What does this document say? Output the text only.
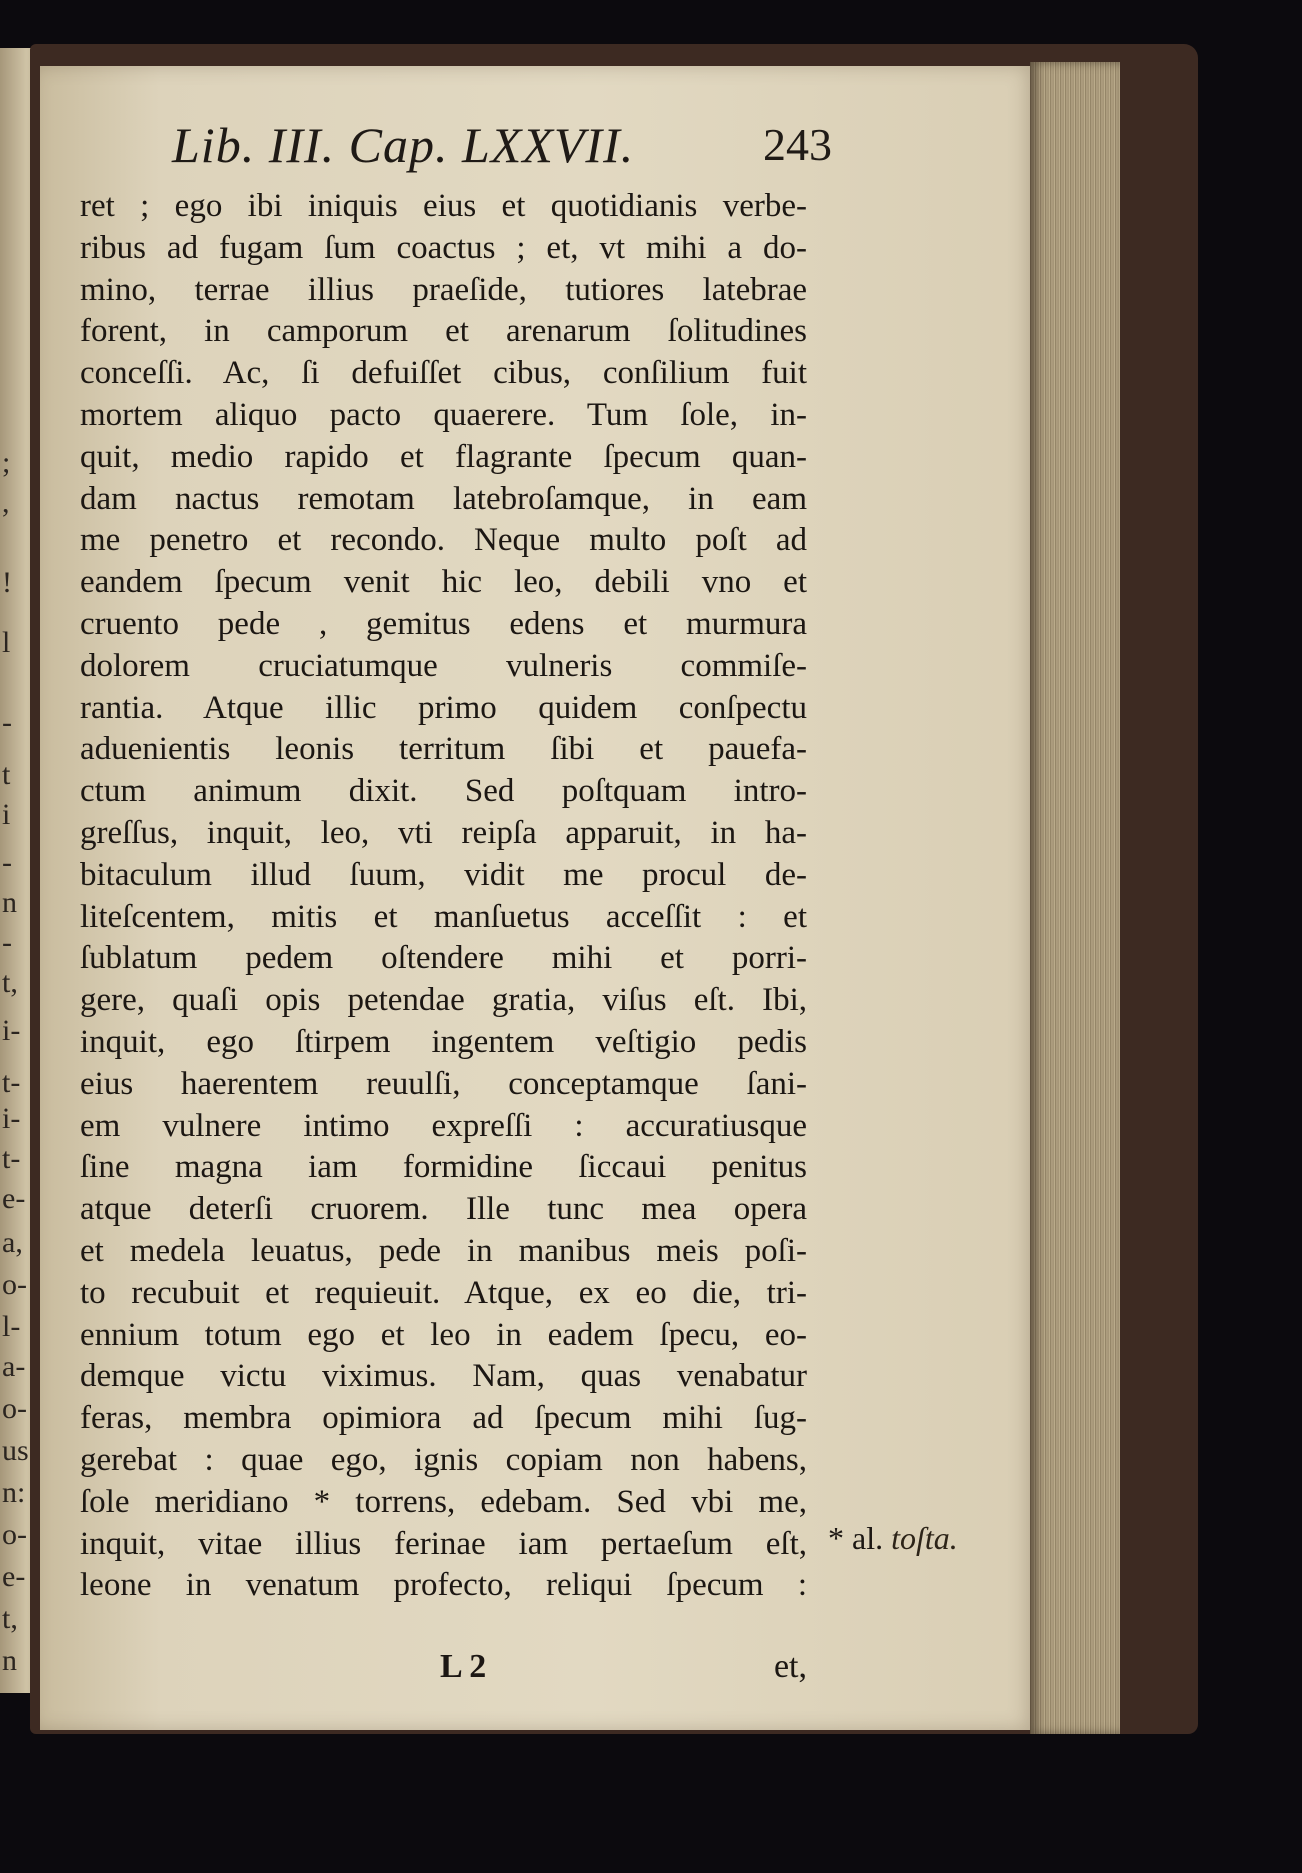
;
,
!
l
-
t
i
-
n
-
t,
i-
t-
i-
t-
e-
a,
o-
l-
a-
o-
us
n:
o-
e-
t,
n
Lib. III. Cap. LXXVII.	243
ret ; ego ibi iniquis eius et quotidianis verbe-
ribus ad fugam ſum coactus ; et, vt mihi a do-
mino, terrae illius praeſide, tutiores latebrae
forent, in camporum et arenarum ſolitudines
conceſſi. Ac, ſi defuiſſet cibus, conſilium fuit
mortem aliquo pacto quaerere. Tum ſole, in-
quit, medio rapido et flagrante ſpecum quan-
dam nactus remotam latebroſamque, in eam
me penetro et recondo. Neque multo poſt ad
eandem ſpecum venit hic leo, debili vno et
cruento pede , gemitus edens et murmura
dolorem cruciatumque vulneris commiſe-
rantia. Atque illic primo quidem conſpectu
aduenientis leonis territum ſibi et pauefa-
ctum animum dixit. Sed poſtquam intro-
greſſus, inquit, leo, vti reipſa apparuit, in ha-
bitaculum illud ſuum, vidit me procul de-
liteſcentem, mitis et manſuetus acceſſit : et
ſublatum pedem oſtendere mihi et porri-
gere, quaſi opis petendae gratia, viſus eſt. Ibi,
inquit, ego ſtirpem ingentem veſtigio pedis
eius haerentem reuulſi, conceptamque ſani-
em vulnere intimo expreſſi : accuratiusque
ſine magna iam formidine ſiccaui penitus
atque deterſi cruorem. Ille tunc mea opera
et medela leuatus, pede in manibus meis poſi-
to recubuit et requieuit. Atque, ex eo die, tri-
ennium totum ego et leo in eadem ſpecu, eo-
demque victu viximus. Nam, quas venabatur
feras, membra opimiora ad ſpecum mihi ſug-
gerebat : quae ego, ignis copiam non habens,
ſole meridiano * torrens, edebam. Sed vbi me,
inquit, vitae illius ferinae iam pertaeſum eſt,
leone in venatum profecto, reliqui ſpecum :
* al. toſta.
L 2	et,
